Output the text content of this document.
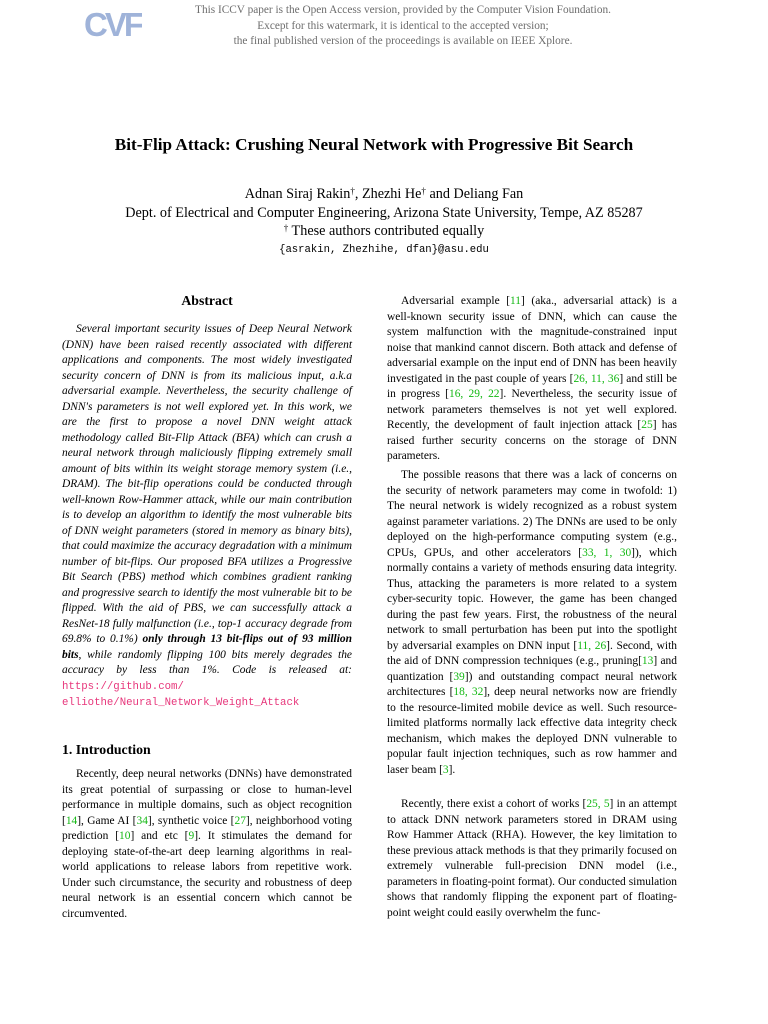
CVF	This ICCV paper is the Open Access version, provided by the Computer Vision Foundation.
Except for this watermark, it is identical to the accepted version;
the final published version of the proceedings is available on IEEE Xplore.
Bit-Flip Attack: Crushing Neural Network with Progressive Bit Search
Adnan Siraj Rakin†, Zhezhi He† and Deliang Fan
Dept. of Electrical and Computer Engineering, Arizona State University, Tempe, AZ 85287
† These authors contributed equally
{asrakin, Zhezhihe, dfan}@asu.edu
Abstract

Several important security issues of Deep Neural Network (DNN) have been raised recently associated with different applications and components. The most widely investigated security concern of DNN is from its malicious input, a.k.a adversarial example. Nevertheless, the security challenge of DNN's parameters is not well explored yet. In this work, we are the first to propose a novel DNN weight attack methodology called Bit-Flip Attack (BFA) which can crush a neural network through maliciously flipping extremely small amount of bits within its weight storage memory system (i.e., DRAM). The bit-flip operations could be conducted through well-known Row-Hammer attack, while our main contribution is to develop an algorithm to identify the most vulnerable bits of DNN weight parameters (stored in memory as binary bits), that could maximize the accuracy degradation with a minimum number of bit-flips. Our proposed BFA utilizes a Progressive Bit Search (PBS) method which combines gradient ranking and progressive search to identify the most vulnerable bit to be flipped. With the aid of PBS, we can successfully attack a ResNet-18 fully malfunction (i.e., top-1 accuracy degrade from 69.8% to 0.1%) only through 13 bit-flips out of 93 million bits, while randomly flipping 100 bits merely degrades the accuracy by less than 1%. Code is released at: https://github.com/
elliothe/Neural_Network_Weight_Attack

1. Introduction

Recently, deep neural networks (DNNs) have demonstrated its great potential of surpassing or close to human-level performance in multiple domains, such as object recognition [14], Game AI [34], synthetic voice [27], neighborhood voting prediction [10] and etc [9]. It stimulates the demand for deploying state-of-the-art deep learning algorithms in real-world applications to release labors from repetitive work. Under such circumstance, the security and robustness of deep neural network is an essential concern which cannot be circumvented.

Adversarial example [11] (aka., adversarial attack) is a well-known security issue of DNN, which can cause the system malfunction with the magnitude-constrained input noise that mankind cannot discern. Both attack and defense of adversarial example on the input end of DNN has been heavily investigated in the past couple of years [26, 11, 36] and still be in progress [16, 29, 22]. Nevertheless, the security issue of network parameters themselves is not yet well explored. Recently, the development of fault injection attack [25] has raised further security concerns on the storage of DNN parameters.

The possible reasons that there was a lack of concerns on the security of network parameters may come in twofold: 1) The neural network is widely recognized as a robust system against parameter variations. 2) The DNNs are used to be only deployed on the high-performance computing system (e.g., CPUs, GPUs, and other accelerators [33, 1, 30]), which normally contains a variety of methods ensuring data integrity. Thus, attacking the parameters is more related to a system cyber-security topic. However, the game has been changed during the past few years. First, the robustness of the neural network to small perturbation has been put into the spotlight by adversarial examples on DNN input [11, 26]. Second, with the aid of DNN compression techniques (e.g., pruning[13] and quantization [39]) and outstanding compact neural network architectures [18, 32], deep neural networks now are friendly to the resource-limited mobile device as well. Such resource-limited platforms normally lack effective data integrity check mechanism, which makes the deployed DNN vulnerable to popular fault injection techniques, such as row hammer and laser beam [3].

Recently, there exist a cohort of works [25, 5] in an attempt to attack DNN network parameters stored in DRAM using Row Hammer Attack (RHA). However, the key limitation to these previous attack methods is that they primarily focused on extremely vulnerable full-precision DNN model (i.e., parameters in floating-point format). Our conducted simulation shows that randomly flipping the exponent part of floating-point weight could easily overwhelm the func-
